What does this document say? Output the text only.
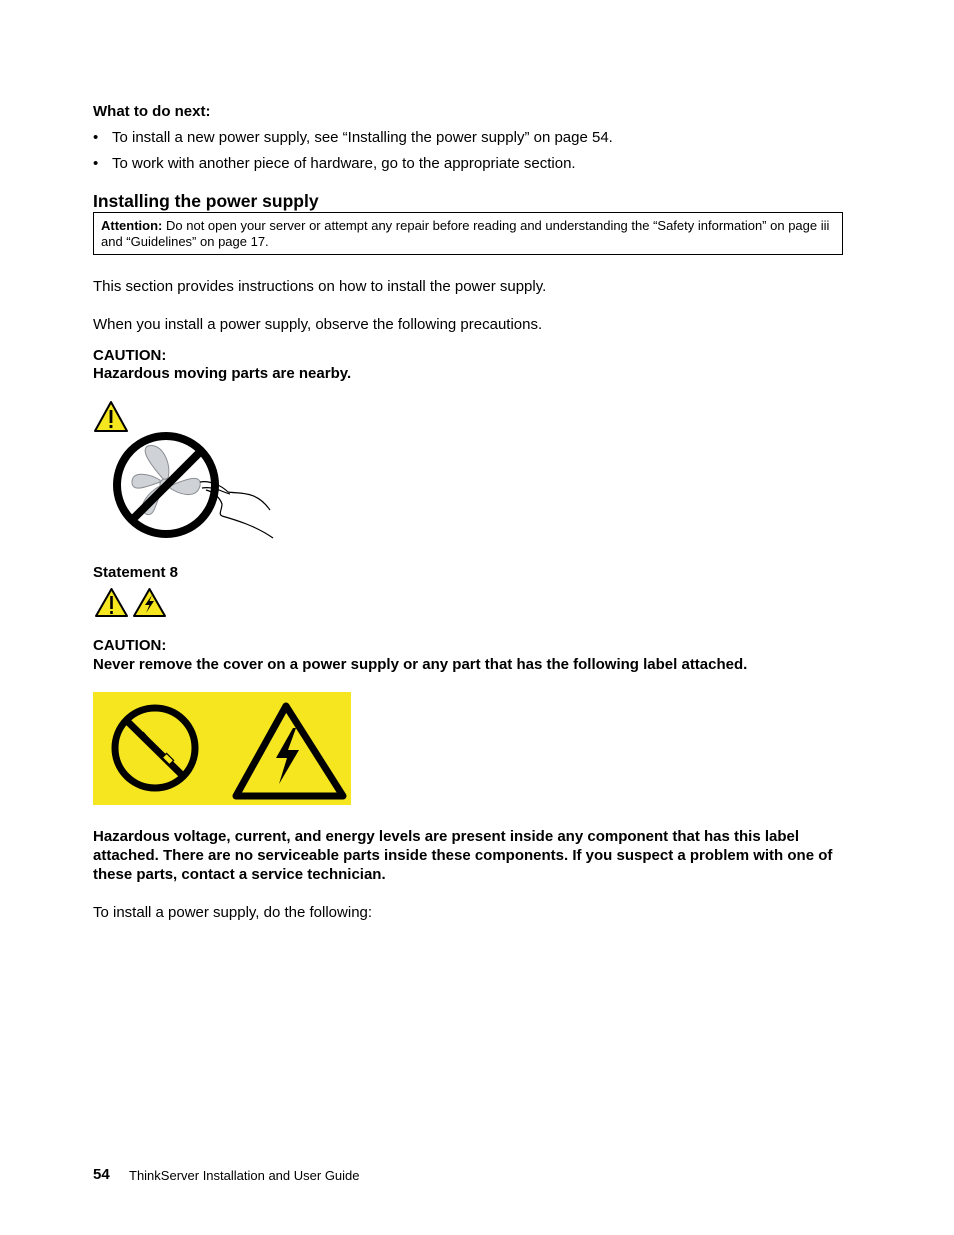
What to do next:
• To install a new power supply, see “Installing the power supply” on page 54.
• To work with another piece of hardware, go to the appropriate section.
Installing the power supply
Attention: Do not open your server or attempt any repair before reading and understanding the “Safety information” on page iii and “Guidelines” on page 17.
This section provides instructions on how to install the power supply.
When you install a power supply, observe the following precautions.
CAUTION:
Hazardous moving parts are nearby.
Statement 8
CAUTION:
Never remove the cover on a power supply or any part that has the following label attached.
Hazardous voltage, current, and energy levels are present inside any component that has this label attached. There are no serviceable parts inside these components. If you suspect a problem with one of these parts, contact a service technician.
To install a power supply, do the following:
54 ThinkServer Installation and User Guide
